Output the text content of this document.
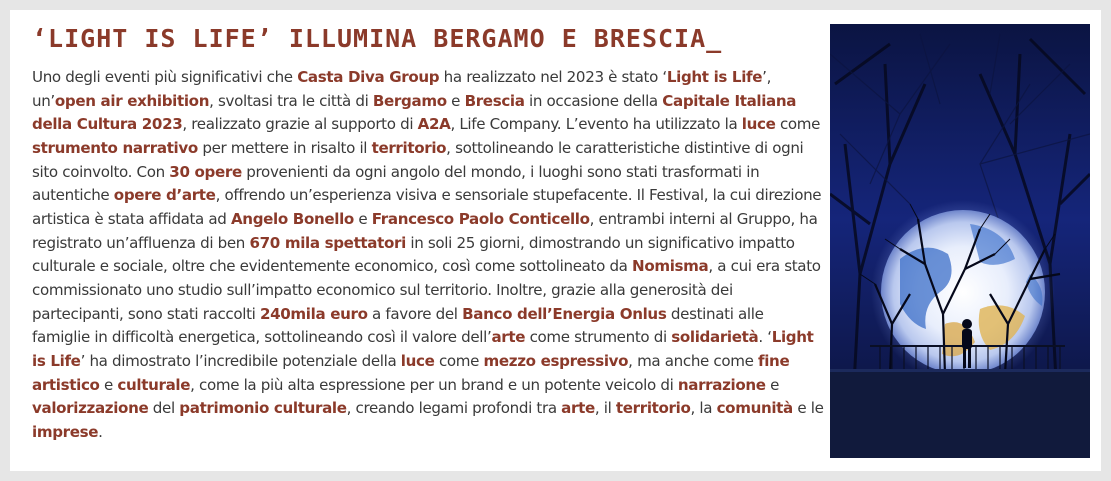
‘LIGHT IS LIFE’ ILLUMINA BERGAMO E BRESCIA_

Uno degli eventi più significativi che Casta Diva Group ha realizzato nel 2023 è stato ‘Light is Life’, un’open air exhibition, svoltasi tra le città di Bergamo e Brescia in occasione della Capitale Italiana della Cultura 2023, realizzato grazie al supporto di A2A, Life Company. L’evento ha utilizzato la luce come strumento narrativo per mettere in risalto il territorio, sottolineando le caratteristiche distintive di ogni sito coinvolto. Con 30 opere provenienti da ogni angolo del mondo, i luoghi sono stati trasformati in autentiche opere d’arte, offrendo un’esperienza visiva e sensoriale stupefacente. Il Festival, la cui direzione artistica è stata affidata ad Angelo Bonello e Francesco Paolo Conticello, entrambi interni al Gruppo, ha registrato un’affluenza di ben 670 mila spettatori in soli 25 giorni, dimostrando un significativo impatto culturale e sociale, oltre che evidentemente economico, così come sottolineato da Nomisma, a cui era stato commissionato uno studio sull’impatto economico sul territorio. Inoltre, grazie alla generosità dei partecipanti, sono stati raccolti 240mila euro a favore del Banco dell’Energia Onlus destinati alle famiglie in difficoltà energetica, sottolineando così il valore dell’arte come strumento di solidarietà. ‘Light is Life’ ha dimostrato l’incredibile potenziale della luce come mezzo espressivo, ma anche come fine artistico e culturale, come la più alta espressione per un brand e un potente veicolo di narrazione e valorizzazione del patrimonio culturale, creando legami profondi tra arte, il territorio, la comunità e le imprese.
